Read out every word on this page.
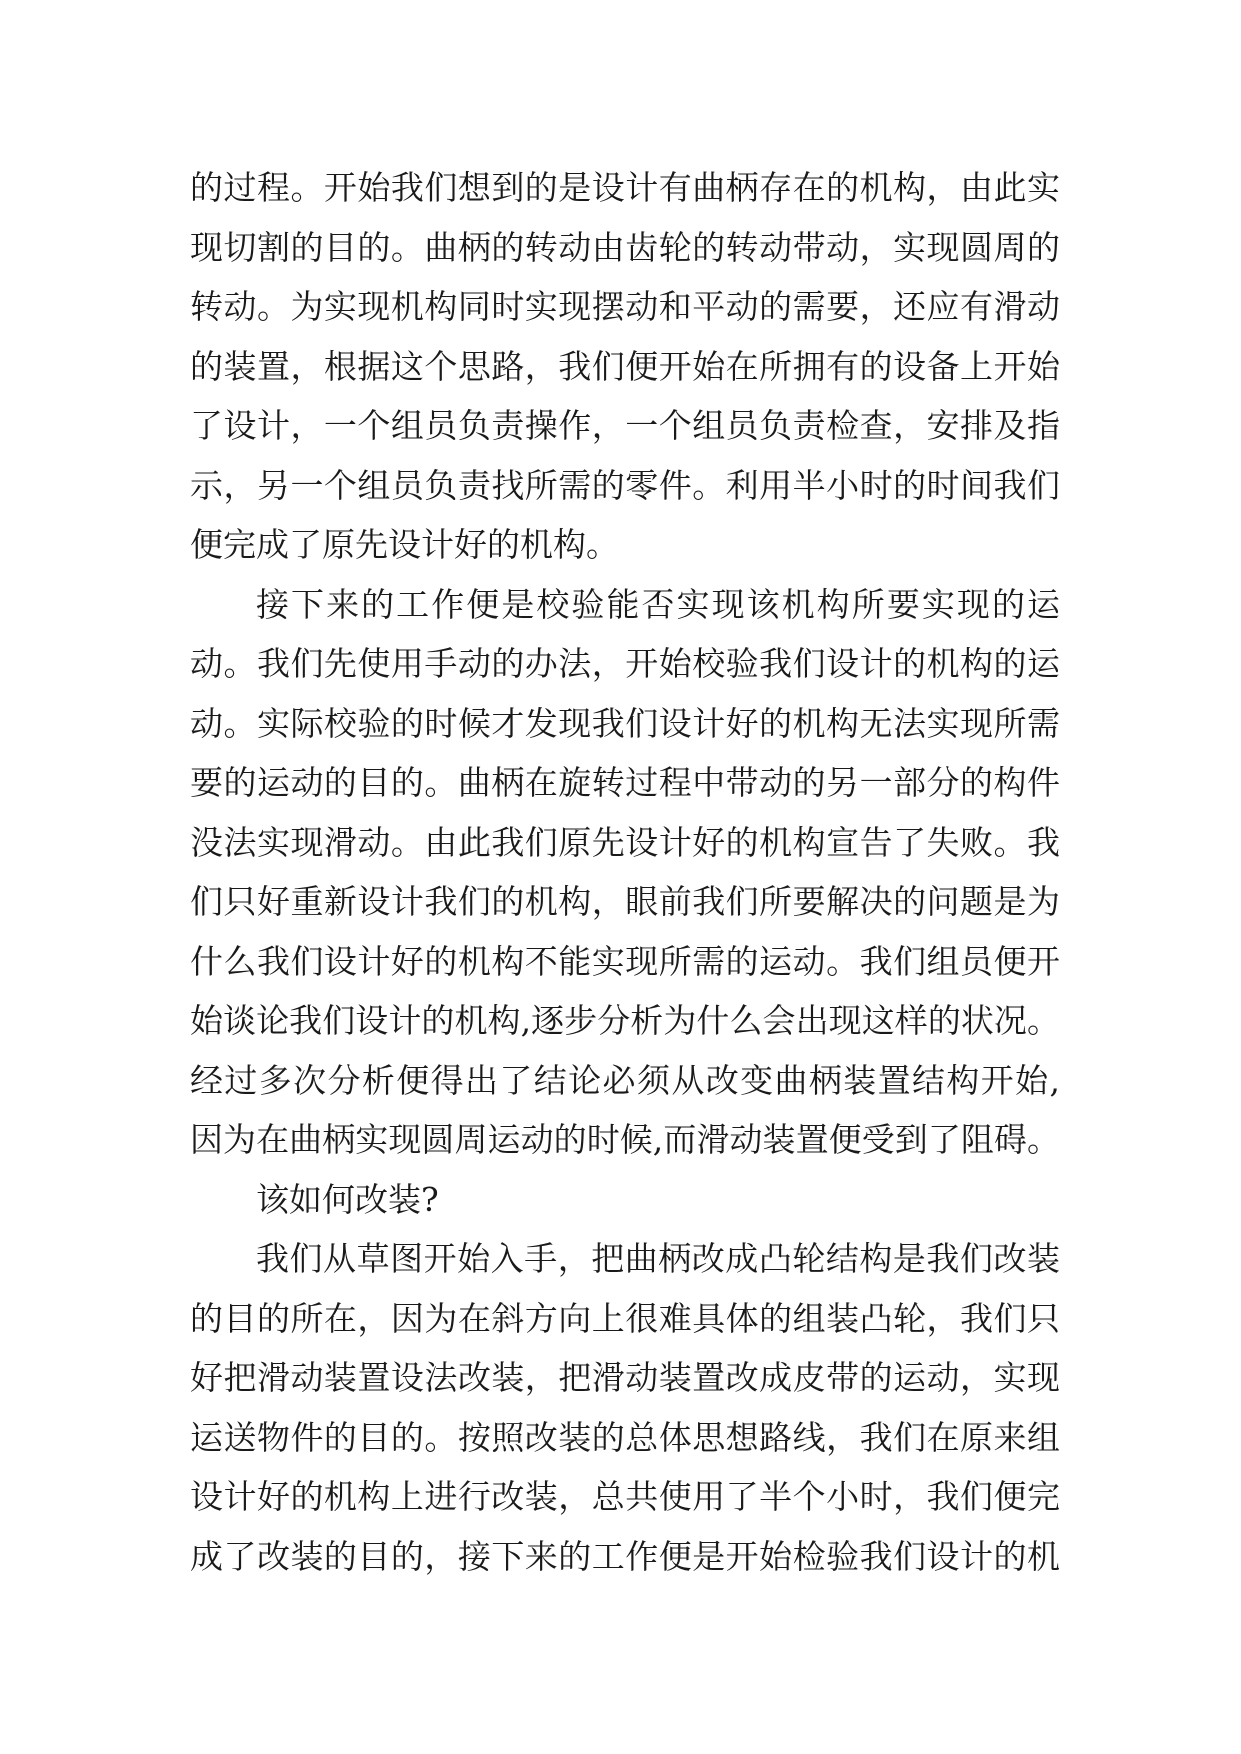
的过程。开始我们想到的是设计有曲柄存在的机构，由此实
现切割的目的。曲柄的转动由齿轮的转动带动，实现圆周的
转动。为实现机构同时实现摆动和平动的需要，还应有滑动
的装置，根据这个思路，我们便开始在所拥有的设备上开始
了设计，一个组员负责操作，一个组员负责检查，安排及指
示，另一个组员负责找所需的零件。利用半小时的时间我们
便完成了原先设计好的机构。
接下来的工作便是校验能否实现该机构所要实现的运
动。我们先使用手动的办法，开始校验我们设计的机构的运
动。实际校验的时候才发现我们设计好的机构无法实现所需
要的运动的目的。曲柄在旋转过程中带动的另一部分的构件
没法实现滑动。由此我们原先设计好的机构宣告了失败。我
们只好重新设计我们的机构，眼前我们所要解决的问题是为
什么我们设计好的机构不能实现所需的运动。我们组员便开
始谈论我们设计的机构,逐步分析为什么会出现这样的状况。
经过多次分析便得出了结论必须从改变曲柄装置结构开始,
因为在曲柄实现圆周运动的时候,而滑动装置便受到了阻碍。
该如何改装?
我们从草图开始入手，把曲柄改成凸轮结构是我们改装
的目的所在，因为在斜方向上很难具体的组装凸轮，我们只
好把滑动装置设法改装，把滑动装置改成皮带的运动，实现
运送物件的目的。按照改装的总体思想路线，我们在原来组
设计好的机构上进行改装，总共使用了半个小时，我们便完
成了改装的目的，接下来的工作便是开始检验我们设计的机
